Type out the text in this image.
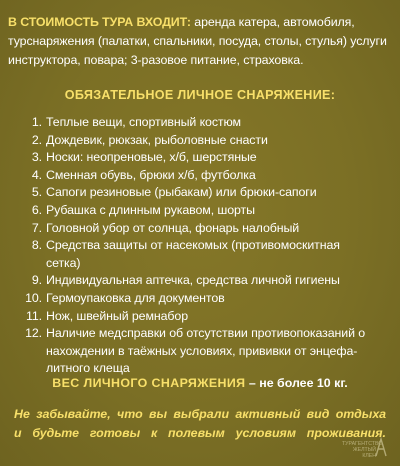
В СТОИМОСТЬ ТУРА ВХОДИТ: аренда катера, автомобиля, турснаряжения (палатки, спальники, посуда, столы, стулья) услуги инструктора, повара; 3-разовое питание, страховка.
ОБЯЗАТЕЛЬНОЕ ЛИЧНОЕ СНАРЯЖЕНИЕ:
1. Теплые вещи, спортивный костюм
2. Дождевик, рюкзак, рыболовные снасти
3. Носки: неопреновые, х/б, шерстяные
4. Сменная обувь, брюки х/б, футболка
5. Сапоги резиновые (рыбакам) или брюки-сапоги
6. Рубашка с длинным рукавом, шорты
7. Головной убор от солнца, фонарь налобный
8. Средства защиты от насекомых (противомоскитная сетка)
9. Индивидуальная аптечка, средства личной гигиены
10. Гермоупаковка для документов
11. Нож, швейный ремнабор
12. Наличие медсправки об отсутствии противопоказаний о нахождении в таёжных условиях, прививки от энцефа-литного клеща
ВЕС ЛИЧНОГО СНАРЯЖЕНИЯ – не более 10 кг.

Не забывайте, что вы выбрали активный вид отдыха

и будьте готовы к полевым условиям проживания.

ТУРАГЕНТСТВО ЖЕЛТЫЙ КЛЕН
